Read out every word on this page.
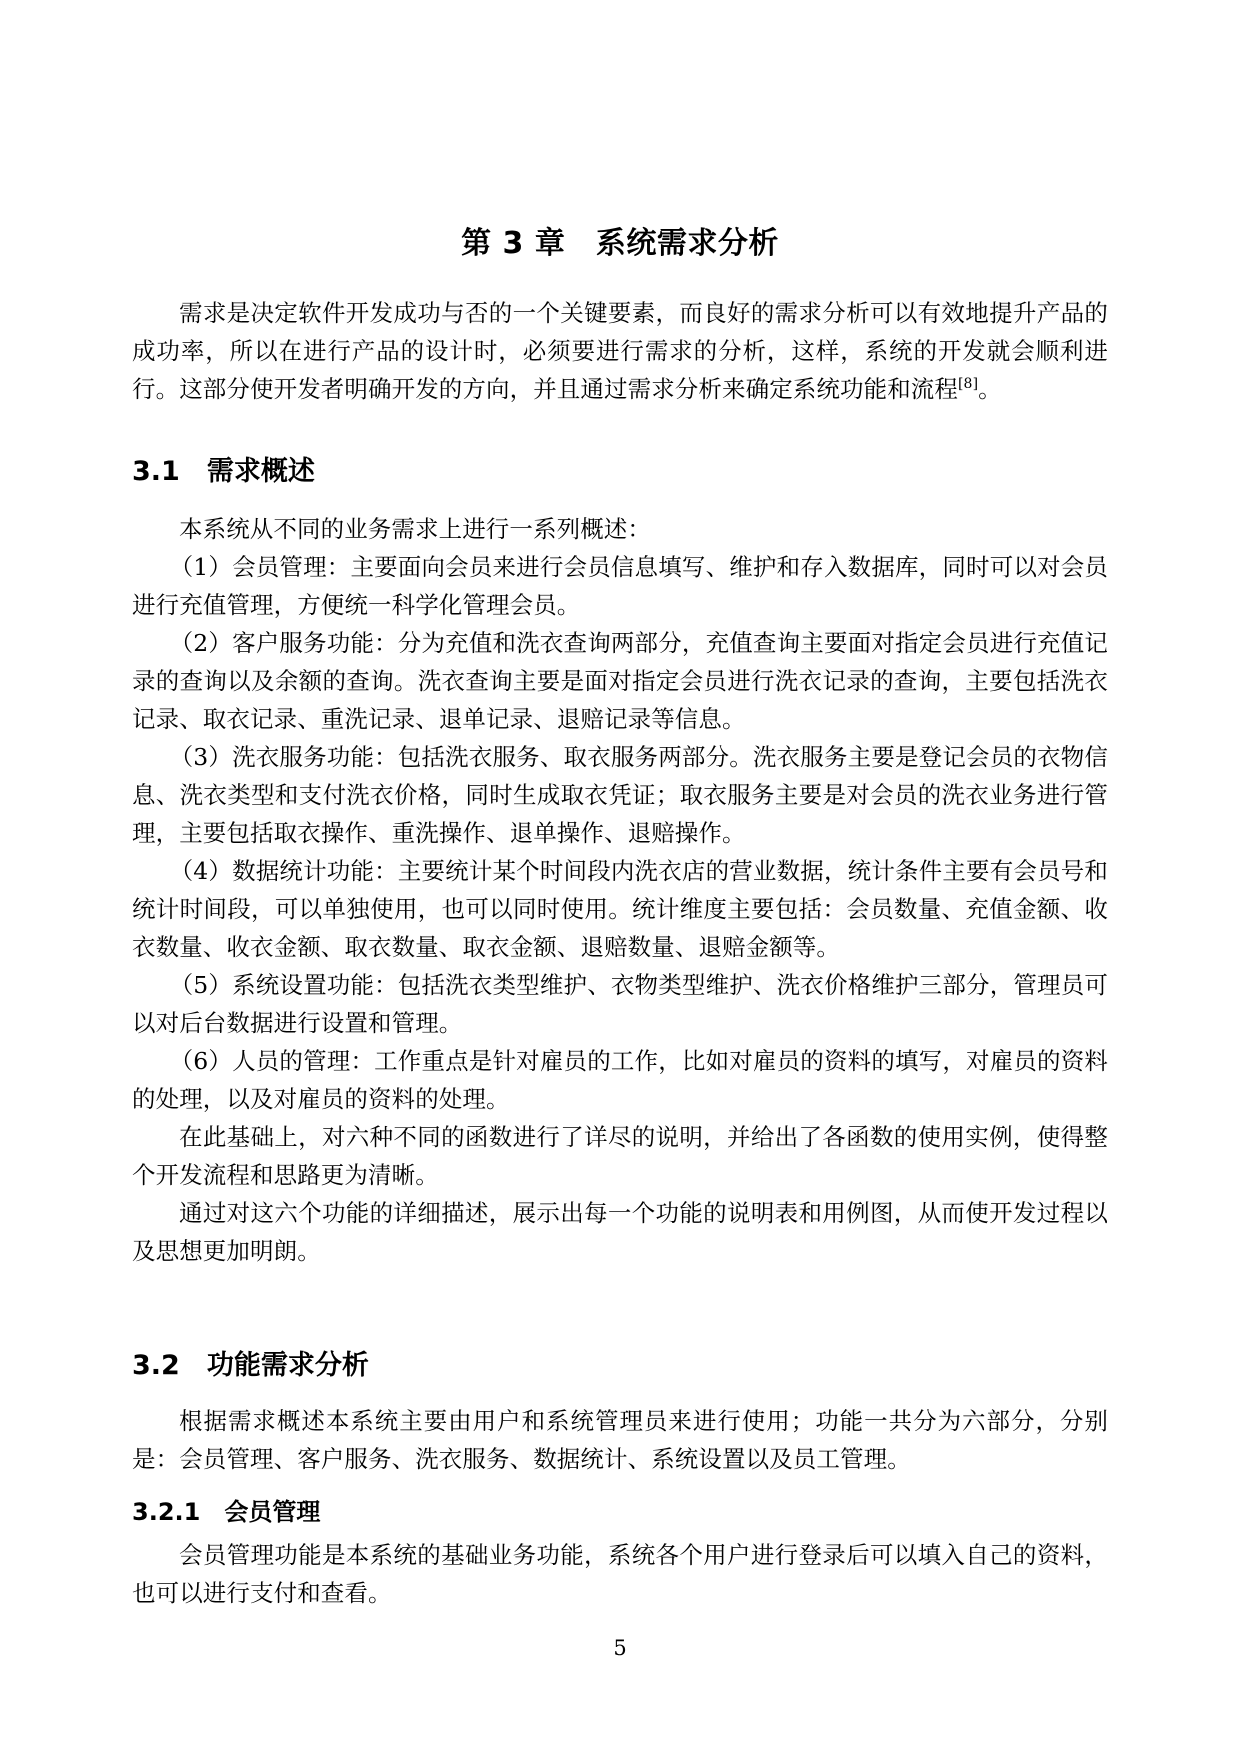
第 3 章　系统需求分析

需求是决定软件开发成功与否的一个关键要素，而良好的需求分析可以有效地提升产品的成功率，所以在进行产品的设计时，必须要进行需求的分析，这样，系统的开发就会顺利进行。这部分使开发者明确开发的方向，并且通过需求分析来确定系统功能和流程[8]。

3.1　需求概述

本系统从不同的业务需求上进行一系列概述：

（1）会员管理：主要面向会员来进行会员信息填写、维护和存入数据库，同时可以对会员进行充值管理，方便统一科学化管理会员。

（2）客户服务功能：分为充值和洗衣查询两部分，充值查询主要面对指定会员进行充值记录的查询以及余额的查询。洗衣查询主要是面对指定会员进行洗衣记录的查询，主要包括洗衣记录、取衣记录、重洗记录、退单记录、退赔记录等信息。

（3）洗衣服务功能：包括洗衣服务、取衣服务两部分。洗衣服务主要是登记会员的衣物信息、洗衣类型和支付洗衣价格，同时生成取衣凭证；取衣服务主要是对会员的洗衣业务进行管理，主要包括取衣操作、重洗操作、退单操作、退赔操作。

（4）数据统计功能：主要统计某个时间段内洗衣店的营业数据，统计条件主要有会员号和统计时间段，可以单独使用，也可以同时使用。统计维度主要包括：会员数量、充值金额、收衣数量、收衣金额、取衣数量、取衣金额、退赔数量、退赔金额等。

（5）系统设置功能：包括洗衣类型维护、衣物类型维护、洗衣价格维护三部分，管理员可以对后台数据进行设置和管理。

（6）人员的管理：工作重点是针对雇员的工作，比如对雇员的资料的填写，对雇员的资料的处理，以及对雇员的资料的处理。

在此基础上，对六种不同的函数进行了详尽的说明，并给出了各函数的使用实例，使得整个开发流程和思路更为清晰。

通过对这六个功能的详细描述，展示出每一个功能的说明表和用例图，从而使开发过程以及思想更加明朗。

3.2　功能需求分析

根据需求概述本系统主要由用户和系统管理员来进行使用；功能一共分为六部分，分别是：会员管理、客户服务、洗衣服务、数据统计、系统设置以及员工管理。

3.2.1　会员管理

会员管理功能是本系统的基础业务功能，系统各个用户进行登录后可以填入自己的资料，也可以进行支付和查看。

5
